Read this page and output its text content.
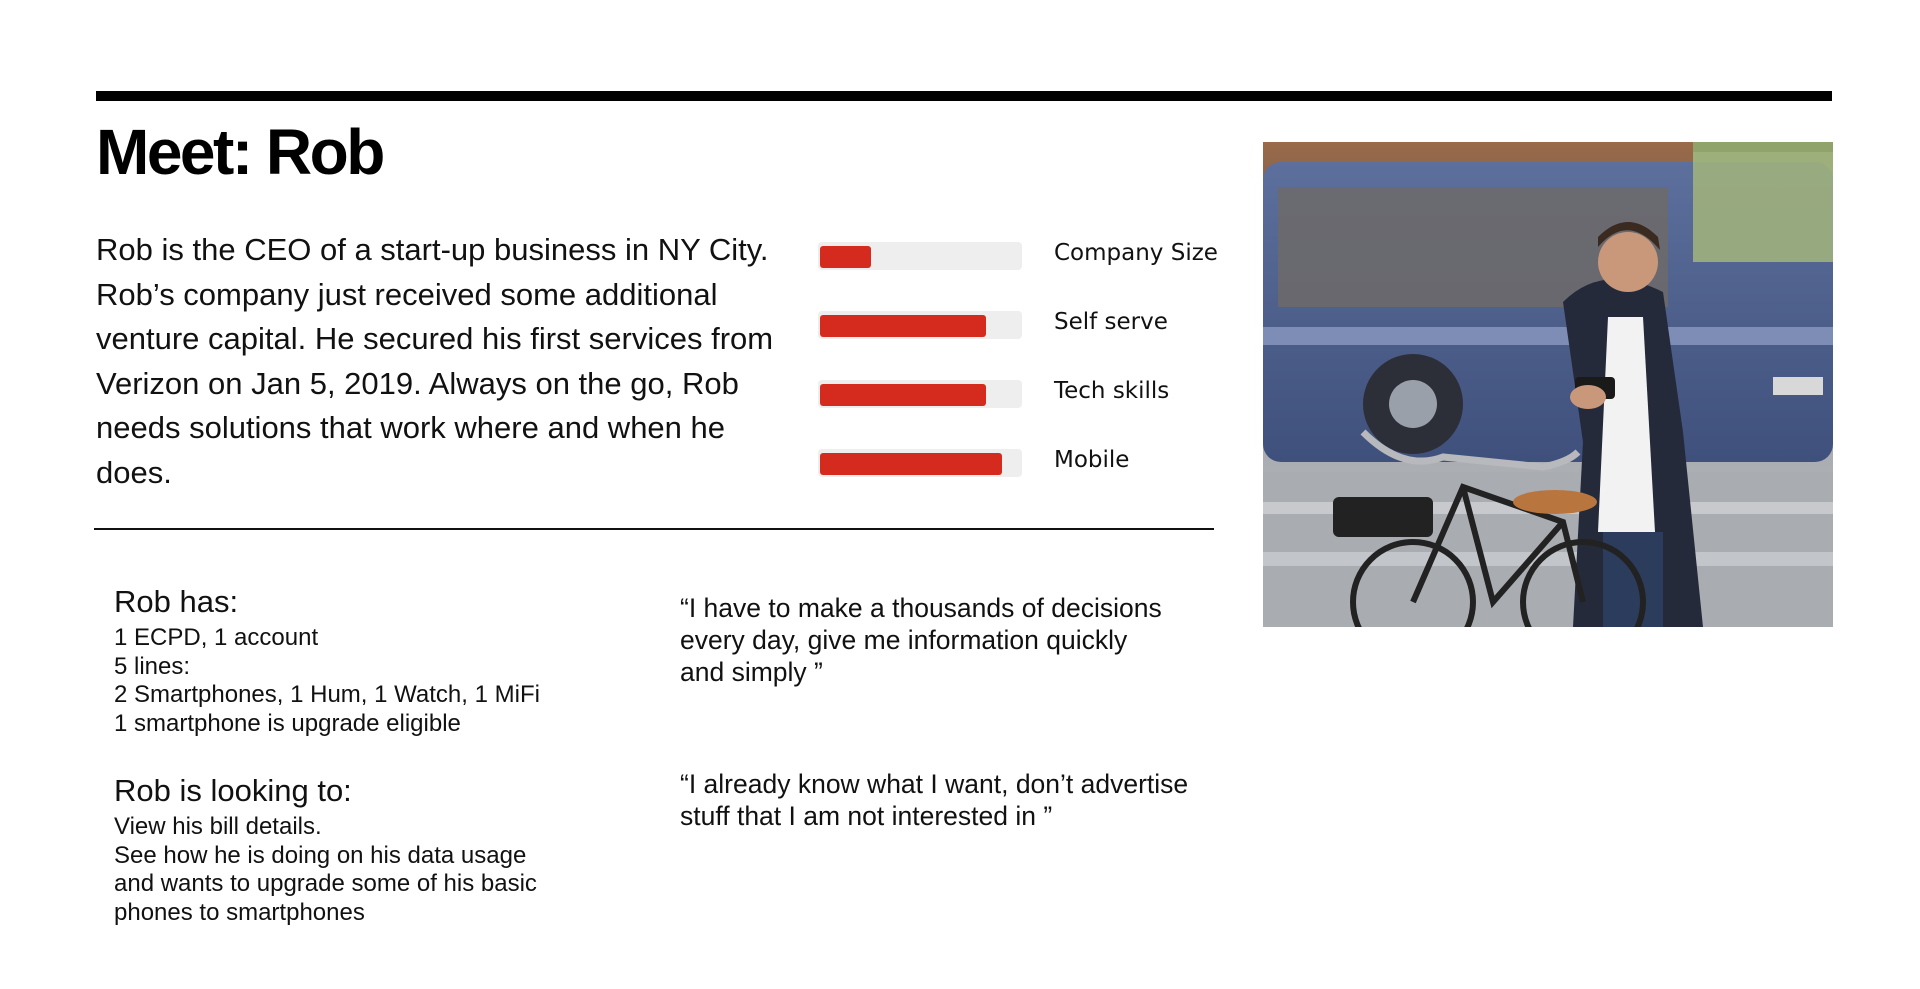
Meet: Rob

Rob is the CEO of a start-up business in NY City. Rob’s company just received some additional venture capital. He secured his first services from Verizon on Jan 5, 2019. Always on the go, Rob needs solutions that work where and when he does.

Company Size
Self serve
Tech skills
Mobile

Rob has:

1 ECPD, 1 account

5 lines:

2 Smartphones, 1 Hum, 1 Watch, 1 MiFi

1 smartphone is upgrade eligible

Rob is looking to:

View his bill details.

See how he is doing on his data usage

and wants to upgrade some of his basic

phones to smartphones

“I have to make a thousands of decisions
every day, give me information quickly
and simply ”

“I already know what I want, don’t advertise
stuff that I am not interested in ”
